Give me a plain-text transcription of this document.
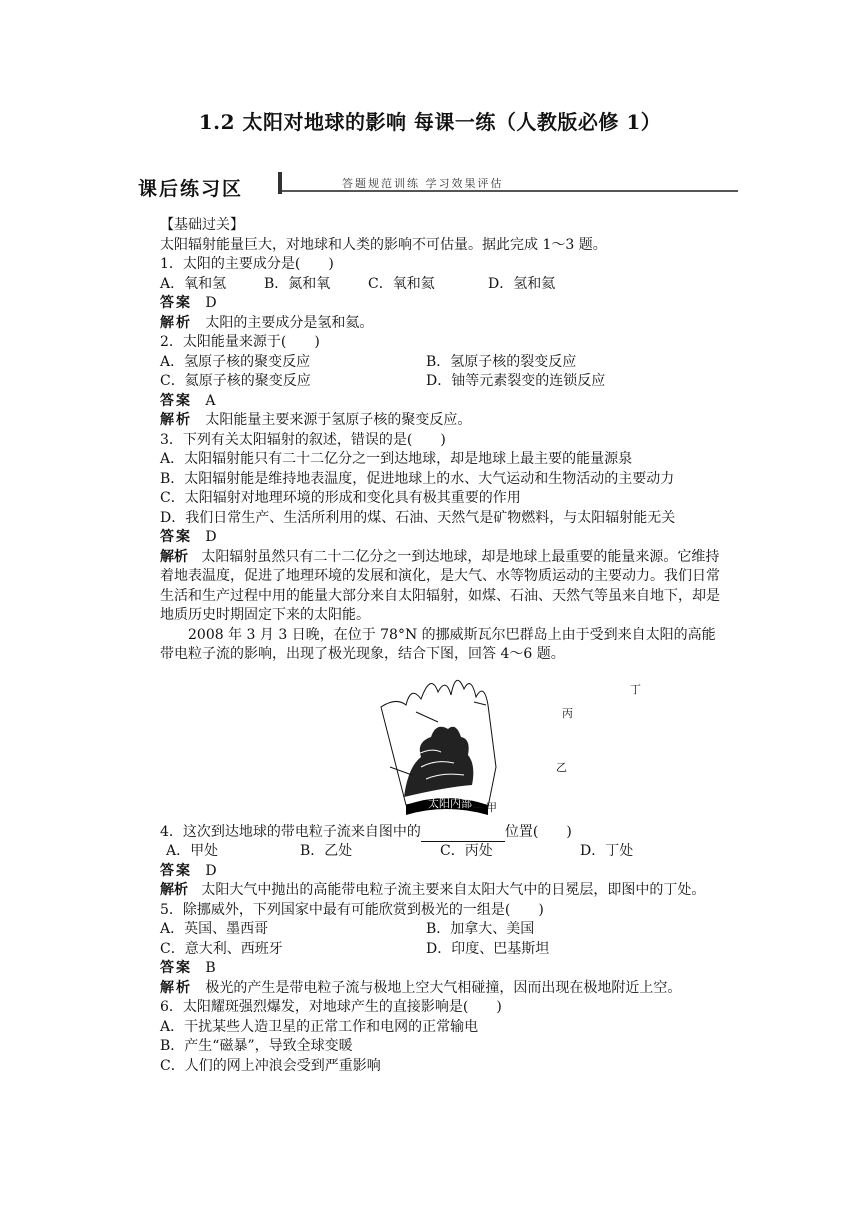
1.2 太阳对地球的影响 每课一练（人教版必修 1）
课后练习区	答题规范训练 学习效果评估
【基础过关】
太阳辐射能量巨大，对地球和人类的影响不可估量。据此完成 1～3 题。
1．太阳的主要成分是(　　)
A．氧和氢	B．氮和氧	C．氧和氦	D．氢和氦
答案 D
解析 太阳的主要成分是氢和氦。
2．太阳能量来源于(　　)
A．氢原子核的聚变反应	B．氢原子核的裂变反应
C．氦原子核的聚变反应	D．铀等元素裂变的连锁反应
答案 A
解析 太阳能量主要来源于氢原子核的聚变反应。
3．下列有关太阳辐射的叙述，错误的是(　　)
A．太阳辐射能只有二十二亿分之一到达地球，却是地球上最主要的能量源泉
B．太阳辐射能是维持地表温度，促进地球上的水、大气运动和生物活动的主要动力
C．太阳辐射对地理环境的形成和变化具有极其重要的作用
D．我们日常生产、生活所利用的煤、石油、天然气是矿物燃料，与太阳辐射能无关
答案 D
解析 太阳辐射虽然只有二十二亿分之一到达地球，却是地球上最重要的能量来源。它维持着地表温度，促进了地理环境的发展和演化，是大气、水等物质运动的主要动力。我们日常生活和生产过程中用的能量大部分来自太阳辐射，如煤、石油、天然气等虽来自地下，却是地质历史时期固定下来的太阳能。
2008 年 3 月 3 日晚，在位于 78°N 的挪威斯瓦尔巴群岛上由于受到来自太阳的高能带电粒子流的影响，出现了极光现象，结合下图，回答 4～6 题。
丁
丙
乙
太阳内部 甲
4．这次到达地球的带电粒子流来自图中的	位置(　　)
A．甲处	B．乙处	C．丙处	D．丁处
答案 D
解析 太阳大气中抛出的高能带电粒子流主要来自太阳大气中的日冕层，即图中的丁处。
5．除挪威外，下列国家中最有可能欣赏到极光的一组是(　　)
A．英国、墨西哥	B．加拿大、美国
C．意大利、西班牙	D．印度、巴基斯坦
答案 B
解析 极光的产生是带电粒子流与极地上空大气相碰撞，因而出现在极地附近上空。
6．太阳耀斑强烈爆发，对地球产生的直接影响是(　　)
A．干扰某些人造卫星的正常工作和电网的正常输电
B．产生“磁暴”，导致全球变暖
C．人们的网上冲浪会受到严重影响
